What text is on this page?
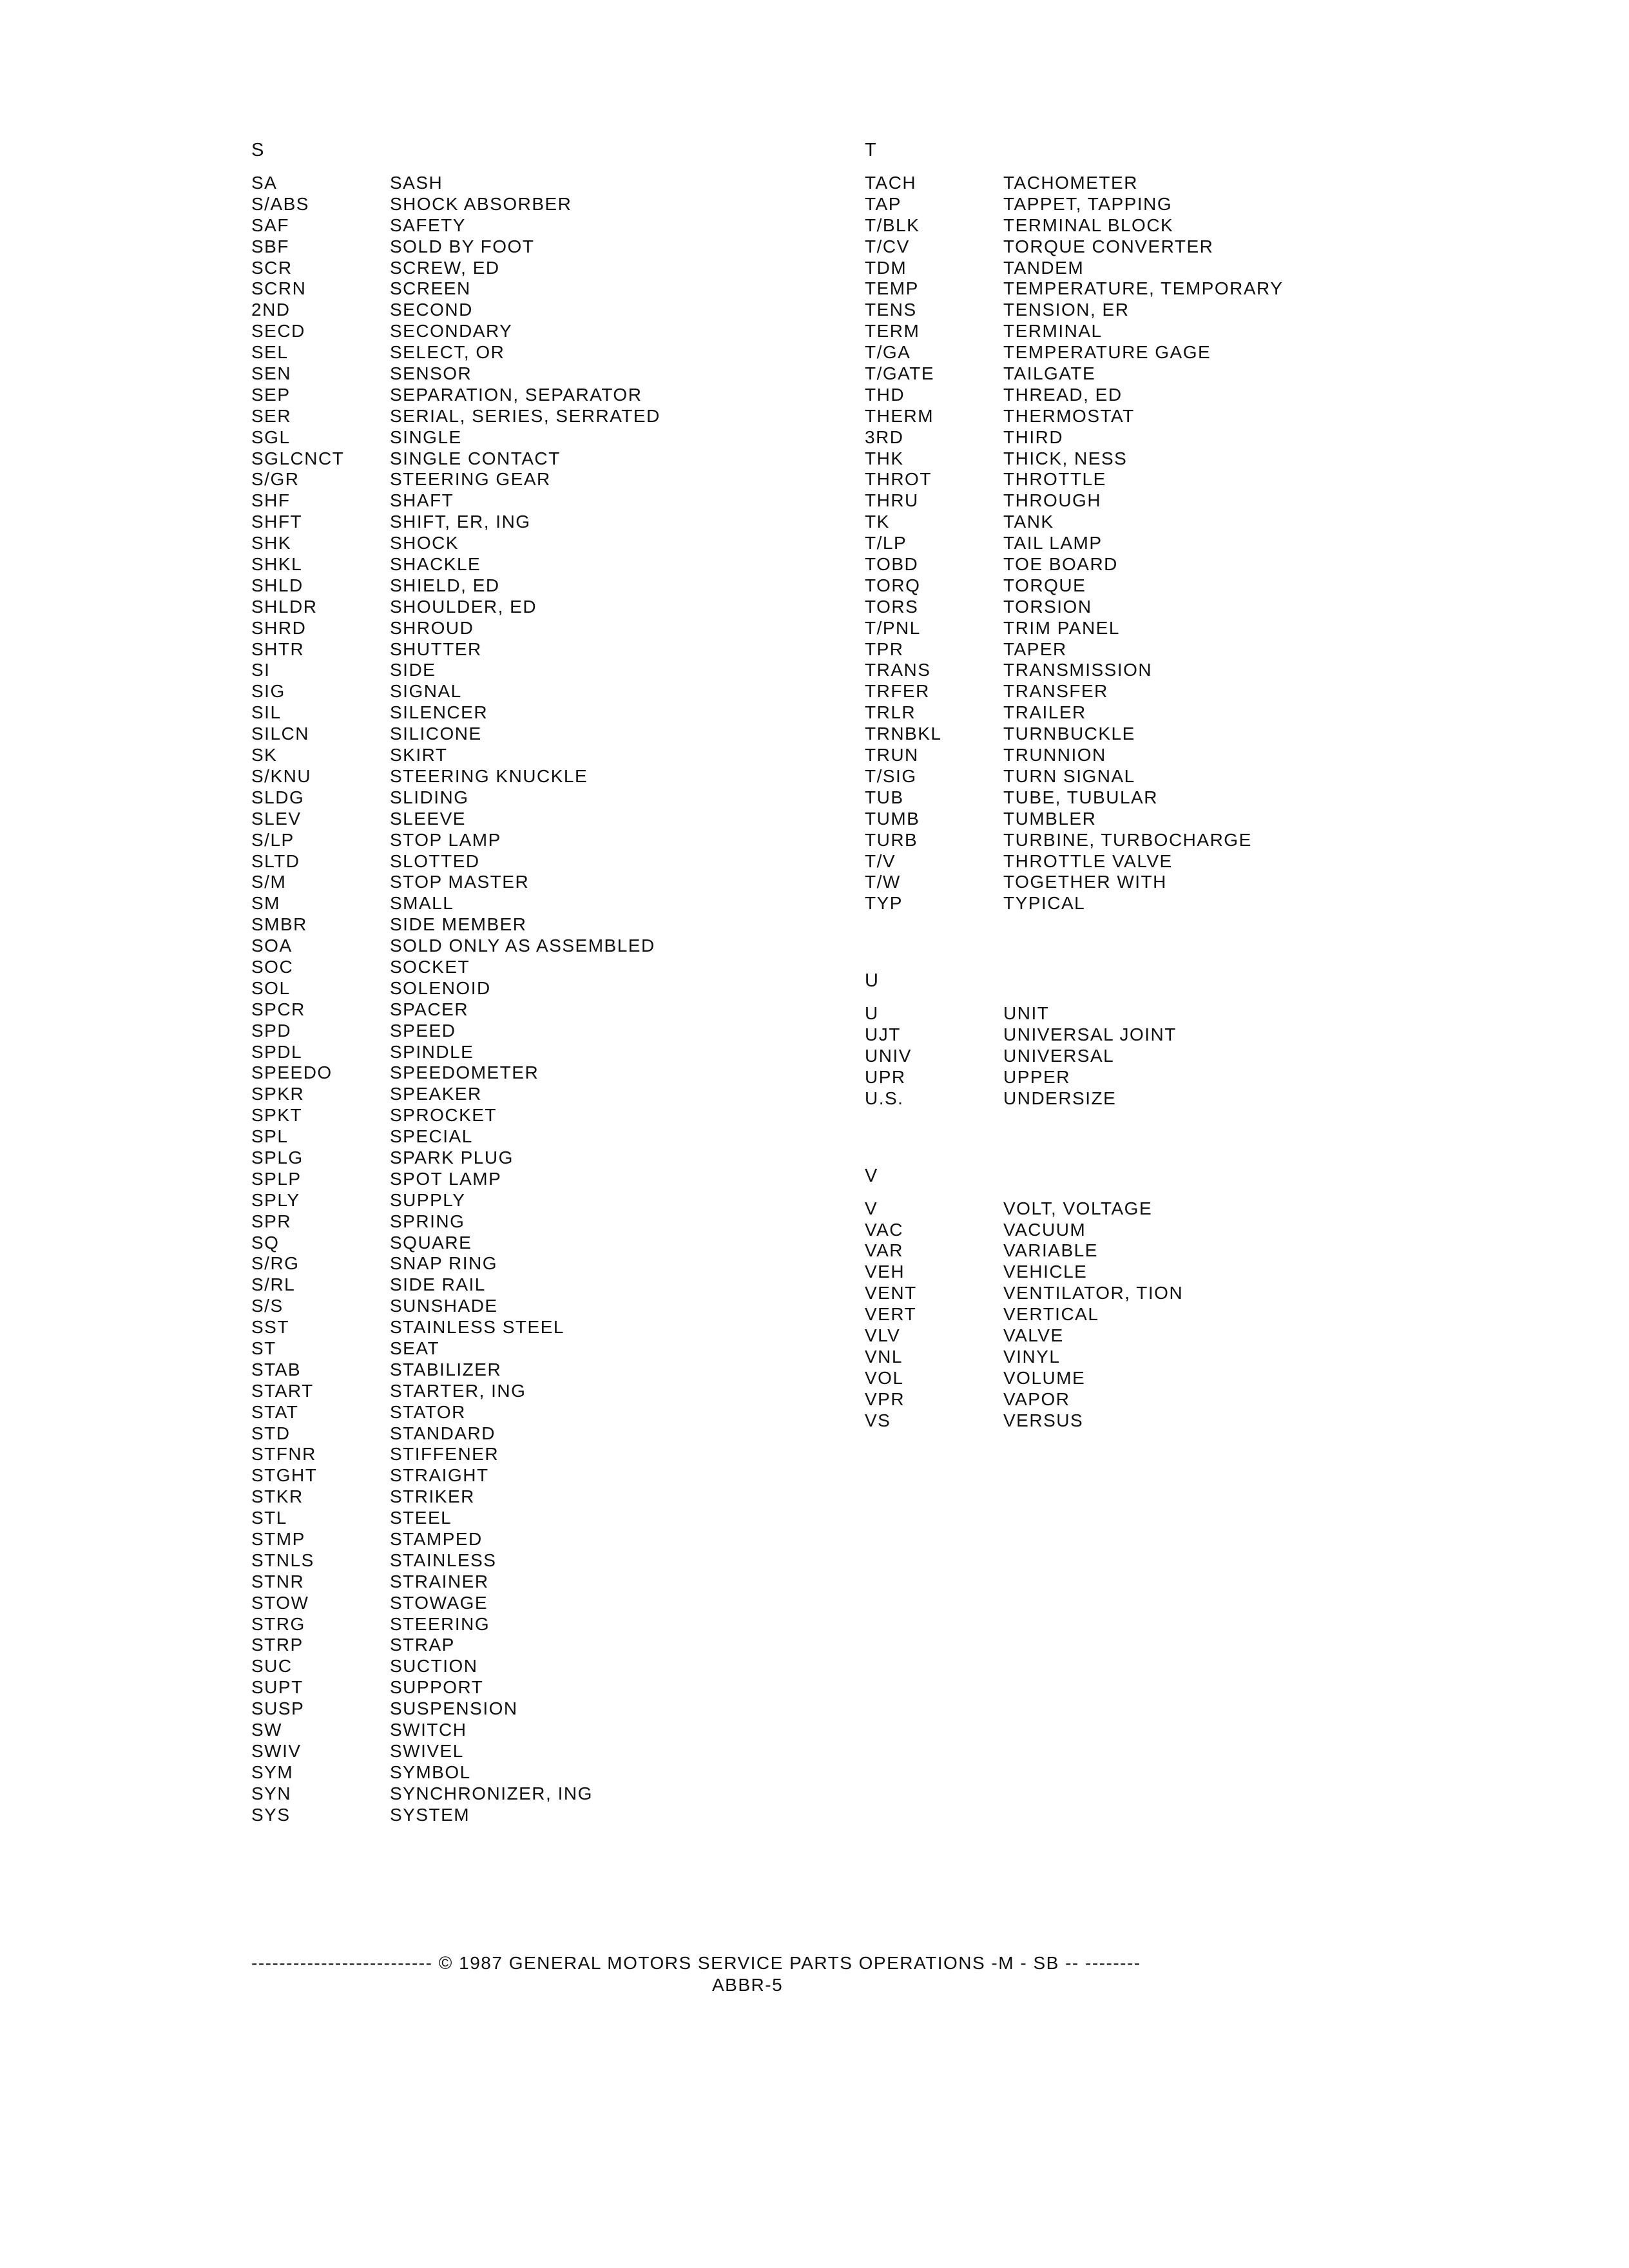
S
SA	SASH
S/ABS	SHOCK ABSORBER
SAF	SAFETY
SBF	SOLD BY FOOT
SCR	SCREW, ED
SCRN	SCREEN
2ND	SECOND
SECD	SECONDARY
SEL	SELECT, OR
SEN	SENSOR
SEP	SEPARATION, SEPARATOR
SER	SERIAL, SERIES, SERRATED
SGL	SINGLE
SGLCNCT	SINGLE CONTACT
S/GR	STEERING GEAR
SHF	SHAFT
SHFT	SHIFT, ER, ING
SHK	SHOCK
SHKL	SHACKLE
SHLD	SHIELD, ED
SHLDR	SHOULDER, ED
SHRD	SHROUD
SHTR	SHUTTER
SI	SIDE
SIG	SIGNAL
SIL	SILENCER
SILCN	SILICONE
SK	SKIRT
S/KNU	STEERING KNUCKLE
SLDG	SLIDING
SLEV	SLEEVE
S/LP	STOP LAMP
SLTD	SLOTTED
S/M	STOP MASTER
SM	SMALL
SMBR	SIDE MEMBER
SOA	SOLD ONLY AS ASSEMBLED
SOC	SOCKET
SOL	SOLENOID
SPCR	SPACER
SPD	SPEED
SPDL	SPINDLE
SPEEDO	SPEEDOMETER
SPKR	SPEAKER
SPKT	SPROCKET
SPL	SPECIAL
SPLG	SPARK PLUG
SPLP	SPOT LAMP
SPLY	SUPPLY
SPR	SPRING
SQ	SQUARE
S/RG	SNAP RING
S/RL	SIDE RAIL
S/S	SUNSHADE
SST	STAINLESS STEEL
ST	SEAT
STAB	STABILIZER
START	STARTER, ING
STAT	STATOR
STD	STANDARD
STFNR	STIFFENER
STGHT	STRAIGHT
STKR	STRIKER
STL	STEEL
STMP	STAMPED
STNLS	STAINLESS
STNR	STRAINER
STOW	STOWAGE
STRG	STEERING
STRP	STRAP
SUC	SUCTION
SUPT	SUPPORT
SUSP	SUSPENSION
SW	SWITCH
SWIV	SWIVEL
SYM	SYMBOL
SYN	SYNCHRONIZER, ING
SYS	SYSTEM
T
TACH	TACHOMETER
TAP	TAPPET, TAPPING
T/BLK	TERMINAL BLOCK
T/CV	TORQUE CONVERTER
TDM	TANDEM
TEMP	TEMPERATURE, TEMPORARY
TENS	TENSION, ER
TERM	TERMINAL
T/GA	TEMPERATURE GAGE
T/GATE	TAILGATE
THD	THREAD, ED
THERM	THERMOSTAT
3RD	THIRD
THK	THICK, NESS
THROT	THROTTLE
THRU	THROUGH
TK	TANK
T/LP	TAIL LAMP
TOBD	TOE BOARD
TORQ	TORQUE
TORS	TORSION
T/PNL	TRIM PANEL
TPR	TAPER
TRANS	TRANSMISSION
TRFER	TRANSFER
TRLR	TRAILER
TRNBKL	TURNBUCKLE
TRUN	TRUNNION
T/SIG	TURN SIGNAL
TUB	TUBE, TUBULAR
TUMB	TUMBLER
TURB	TURBINE, TURBOCHARGE
T/V	THROTTLE VALVE
T/W	TOGETHER WITH
TYP	TYPICAL
U
U	UNIT
UJT	UNIVERSAL JOINT
UNIV	UNIVERSAL
UPR	UPPER
U.S.	UNDERSIZE
V
V	VOLT, VOLTAGE
VAC	VACUUM
VAR	VARIABLE
VEH	VEHICLE
VENT	VENTILATOR, TION
VERT	VERTICAL
VLV	VALVE
VNL	VINYL
VOL	VOLUME
VPR	VAPOR
VS	VERSUS
-------------------------- © 1987 GENERAL MOTORS SERVICE PARTS OPERATIONS -M - SB -- --------
ABBR-5
